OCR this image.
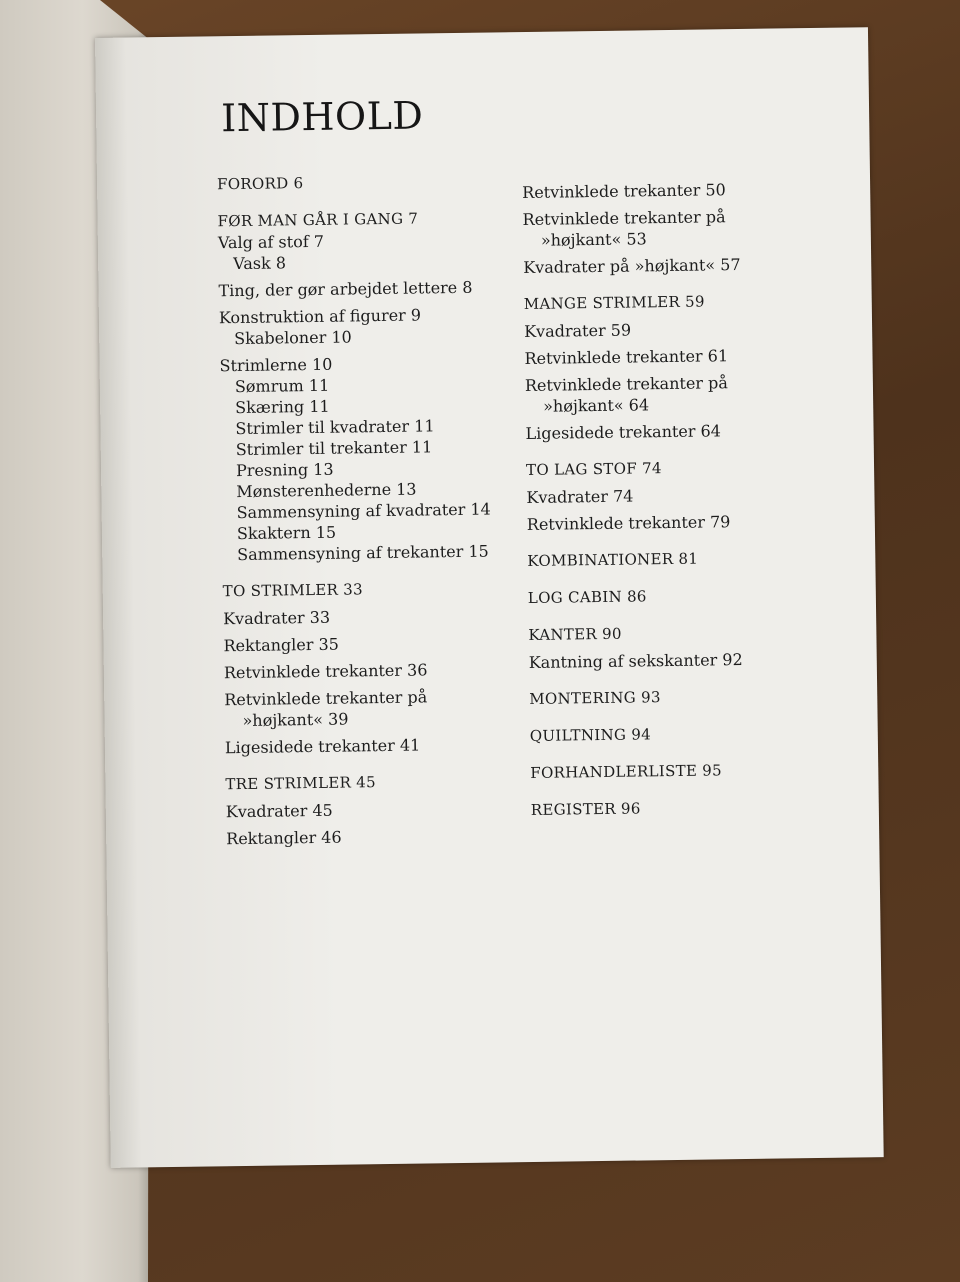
INDHOLD
FORORD 6
FØR MAN GÅR I GANG 7
Valg af stof 7
Vask 8
Ting, der gør arbejdet lettere 8
Konstruktion af figurer 9
Skabeloner 10
Strimlerne 10
Sømrum 11
Skæring 11
Strimler til kvadrater 11
Strimler til trekanter 11
Presning 13
Mønsterenhederne 13
Sammensyning af kvadrater 14
Skaktern 15
Sammensyning af trekanter 15
TO STRIMLER 33
Kvadrater 33
Rektangler 35
Retvinklede trekanter 36
Retvinklede trekanter på
»højkant« 39
Ligesidede trekanter 41
TRE STRIMLER 45
Kvadrater 45
Rektangler 46
Retvinklede trekanter 50
Retvinklede trekanter på
»højkant« 53
Kvadrater på »højkant« 57
MANGE STRIMLER 59
Kvadrater 59
Retvinklede trekanter 61
Retvinklede trekanter på
»højkant« 64
Ligesidede trekanter 64
TO LAG STOF 74
Kvadrater 74
Retvinklede trekanter 79
KOMBINATIONER 81
LOG CABIN 86
KANTER 90
Kantning af sekskanter 92
MONTERING 93
QUILTNING 94
FORHANDLERLISTE 95
REGISTER 96
